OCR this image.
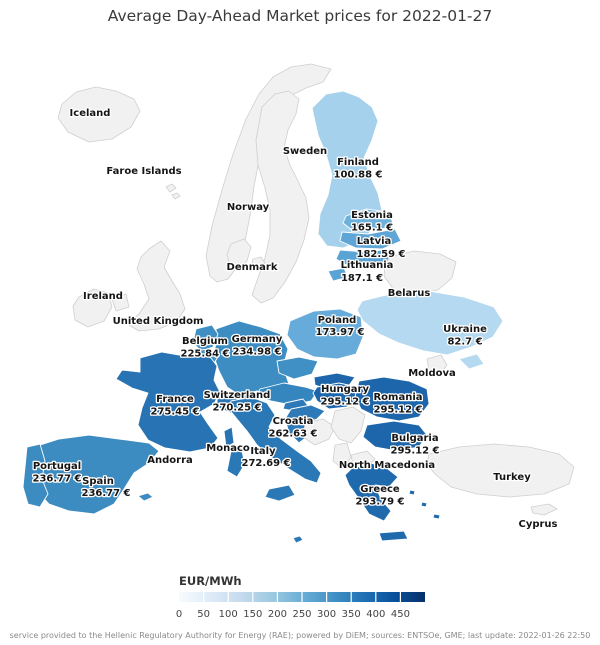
Average Day-Ahead Market prices for 2022-01-27
Iceland
Faroe Islands
Norway
Sweden
Finland
100.88 €
Ireland
United Kingdom
Denmark
Estonia
165.1 €
Latvia
182.59 €
Lithuania
187.1 €
Belarus
Ukraine
82.7 €
Moldova
Poland
173.97 €
Germany
234.98 €
Belgium
225.84 €
Switzerland
270.25 €
France
275.45 €
Hungary
295.12 € Romania
295.12 €
Croatia
262.63 €	Bulgaria
295.12 €
North Macedonia
Greece
293.79 €
Turkey
Cyprus
Italy
272.69 €
Spain
236.77 €
Portugal
236.77 €
Andorra
Monaco
EUR/MWh
0 50 100 150 200 250 300 350 400 450
service provided to the Hellenic Regulatory Authority for Energy (RAE); powered by DiEM; sources: ENTSOe, GME; last update: 2022-01-26 22:50
